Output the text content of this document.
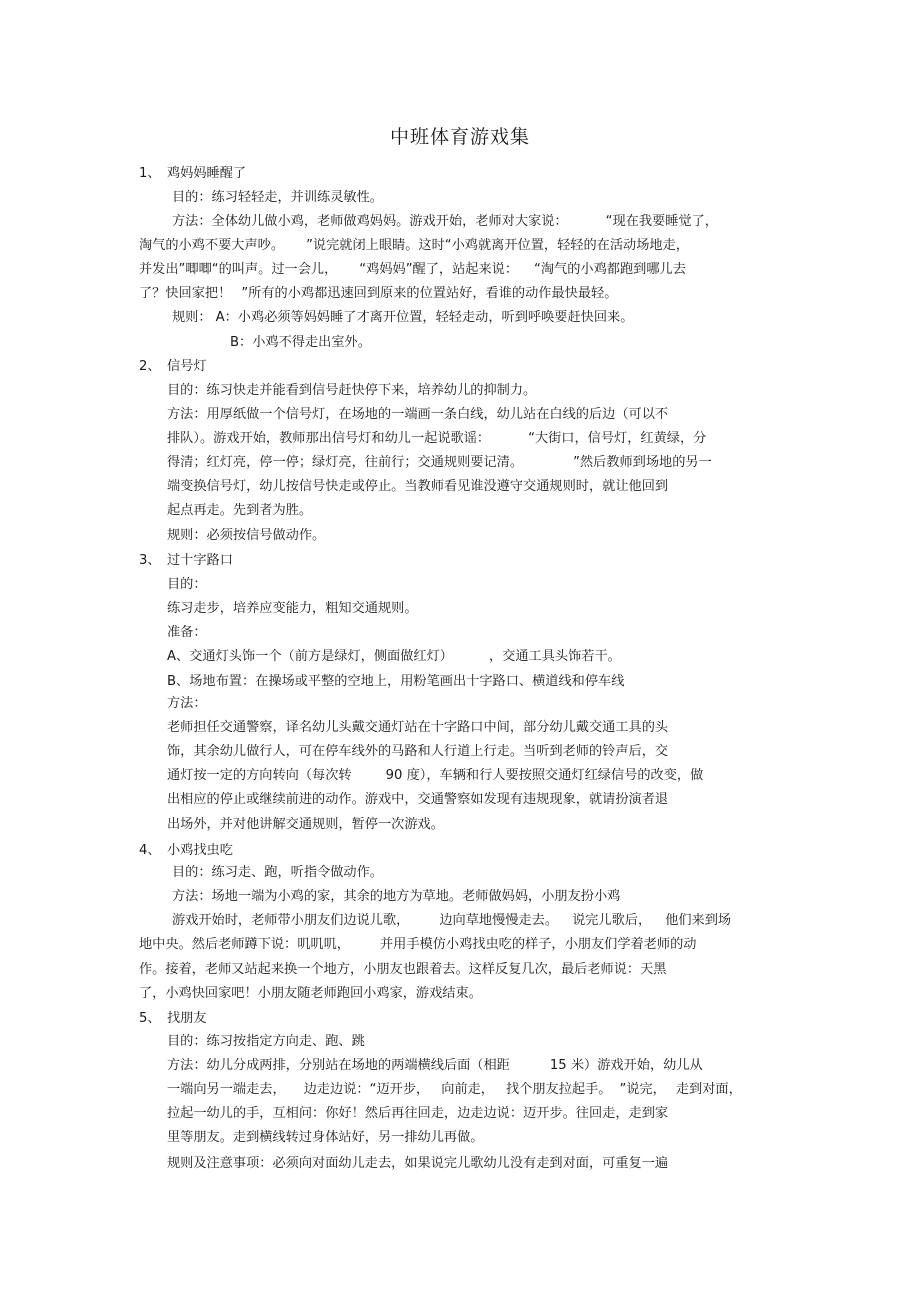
中班体育游戏集
1、 鸡妈妈睡醒了
目的：练习轻轻走，并训练灵敏性。
方法：全体幼儿做小鸡，老师做鸡妈妈。游戏开始，老师对大家说：	“现在我要睡觉了，
淘气的小鸡不要大声吵。 ”说完就闭上眼睛。这时“小鸡就离开位置，轻轻的在活动场地走，
并发出”唧唧“的叫声。过一会儿， “鸡妈妈”醒了，站起来说： “淘气的小鸡都跑到哪儿去
了？快回家把！ ”所有的小鸡都迅速回到原来的位置站好，看谁的动作最快最轻。
规则： A：小鸡必须等妈妈睡了才离开位置，轻轻走动，听到呼唤要赶快回来。
B：小鸡不得走出室外。
2、 信号灯
目的：练习快走并能看到信号赶快停下来，培养幼儿的抑制力。
方法：用厚纸做一个信号灯，在场地的一端画一条白线，幼儿站在白线的后边（可以不
排队）。游戏开始，教师那出信号灯和幼儿一起说歌谣：	“大街口，信号灯，红黄绿，分
得清；红灯亮，停一停；绿灯亮，往前行；交通规则要记清。	”然后教师到场地的另一
端变换信号灯，幼儿按信号快走或停止。当教师看见谁没遵守交通规则时，就让他回到
起点再走。先到者为胜。
规则：必须按信号做动作。
3、 过十字路口
目的：
练习走步，培养应变能力，粗知交通规则。
准备：
A、交通灯头饰一个（前方是绿灯，侧面做红灯）	，交通工具头饰若干。
B、场地布置：在操场或平整的空地上，用粉笔画出十字路口、横道线和停车线
方法：
老师担任交通警察，译名幼儿头戴交通灯站在十字路口中间，部分幼儿戴交通工具的头
饰，其余幼儿做行人，可在停车线外的马路和人行道上行走。当听到老师的铃声后，交
通灯按一定的方向转向（每次转	90 度），车辆和行人要按照交通灯红绿信号的改变，做
出相应的停止或继续前进的动作。游戏中，交通警察如发现有违规现象，就请扮演者退
出场外，并对他讲解交通规则，暂停一次游戏。
4、 小鸡找虫吃
目的：练习走、跑，听指令做动作。
方法：场地一端为小鸡的家，其余的地方为草地。老师做妈妈，小朋友扮小鸡
游戏开始时，老师带小朋友们边说儿歌， 边向草地慢慢走去。 说完儿歌后， 他们来到场
地中央。然后老师蹲下说：叽叽叽， 并用手模仿小鸡找虫吃的样子，小朋友们学着老师的动
作。接着，老师又站起来换一个地方，小朋友也跟着去。这样反复几次，最后老师说：天黑
了，小鸡快回家吧！小朋友随老师跑回小鸡家，游戏结束。
5、 找朋友
目的：练习按指定方向走、跑、跳
方法：幼儿分成两排，分别站在场地的两端横线后面（相距	15 米）游戏开始，幼儿从
一端向另一端走去， 边走边说：“迈开步， 向前走， 找个朋友拉起手。 ”说完， 走到对面，
拉起一幼儿的手，互相问：你好！然后再往回走，边走边说：迈开步。往回走，走到家
里等朋友。走到横线转过身体站好，另一排幼儿再做。
规则及注意事项：必须向对面幼儿走去，如果说完儿歌幼儿没有走到对面，可重复一遍
